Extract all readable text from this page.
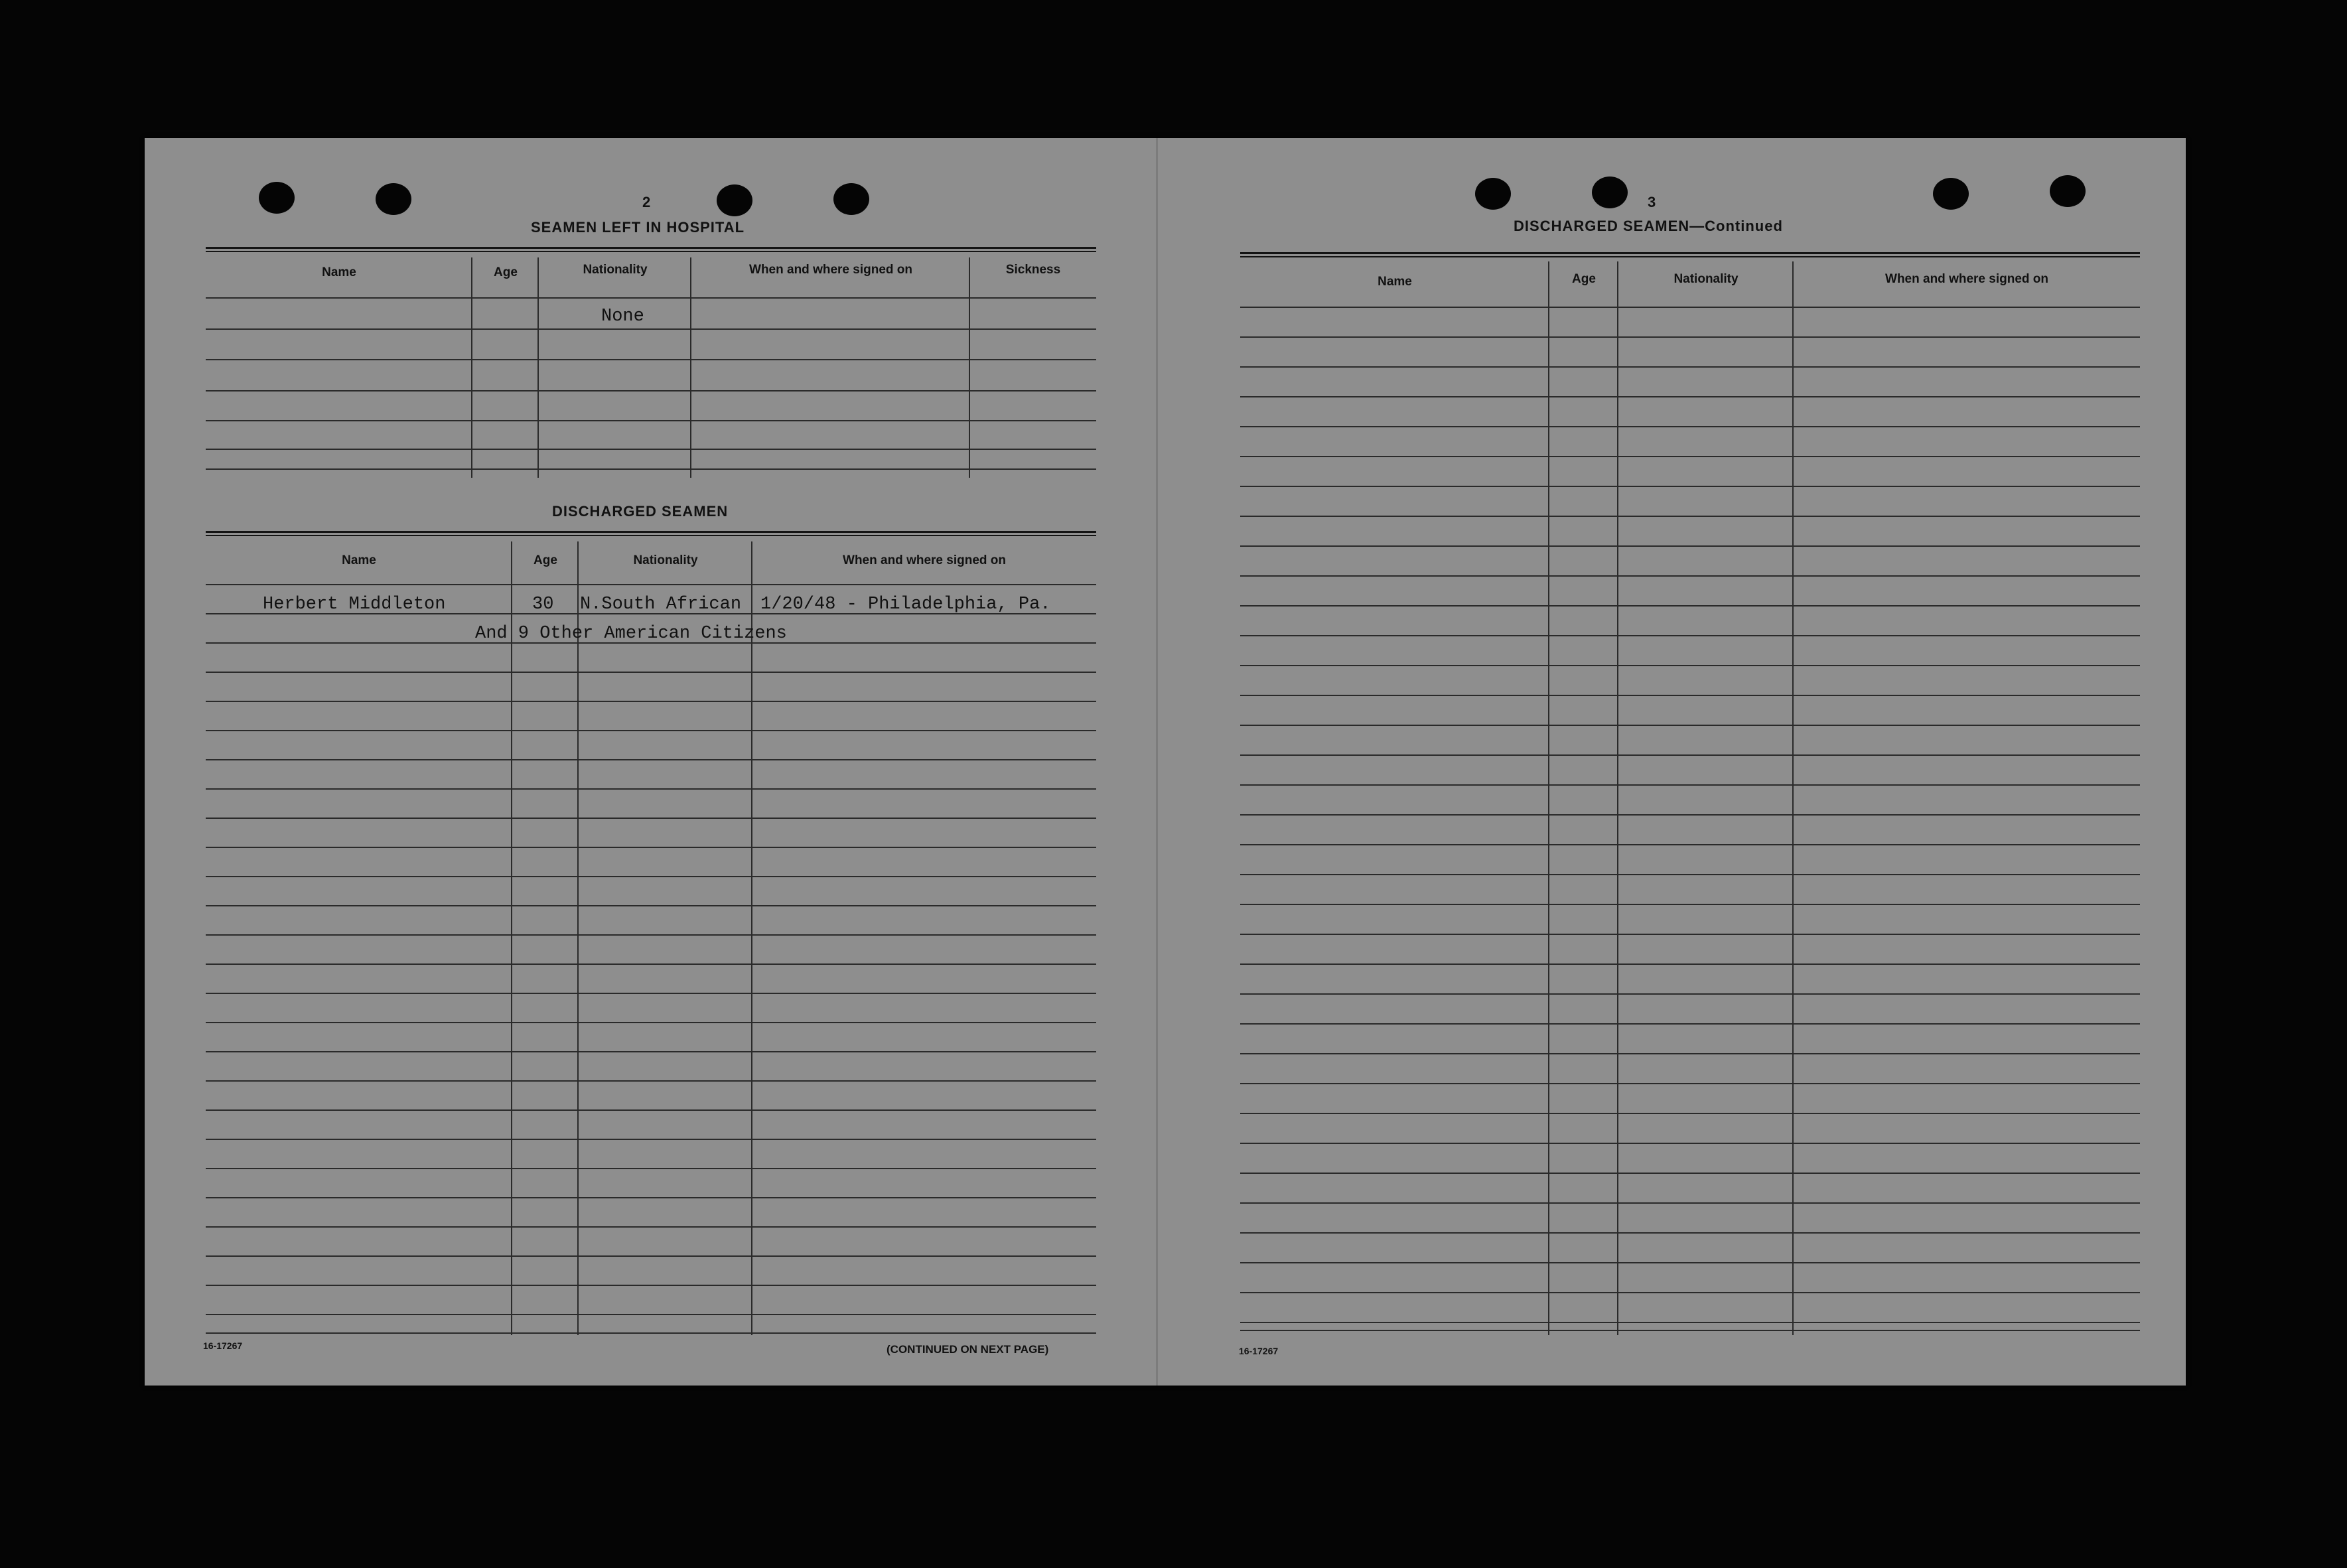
2
SEAMEN LEFT IN HOSPITAL
Name	Age	Nationality	When and where signed on	Sickness
None
DISCHARGED SEAMEN
Name	Age	Nationality	When and where signed on
Herbert Middleton	30 N.South African 1/20/48 - Philadelphia, Pa.
And 9 Other American Citizens
16-17267	(CONTINUED ON NEXT PAGE)
3
DISCHARGED SEAMEN—Continued
Name	Age	Nationality	When and where signed on
16-17267
